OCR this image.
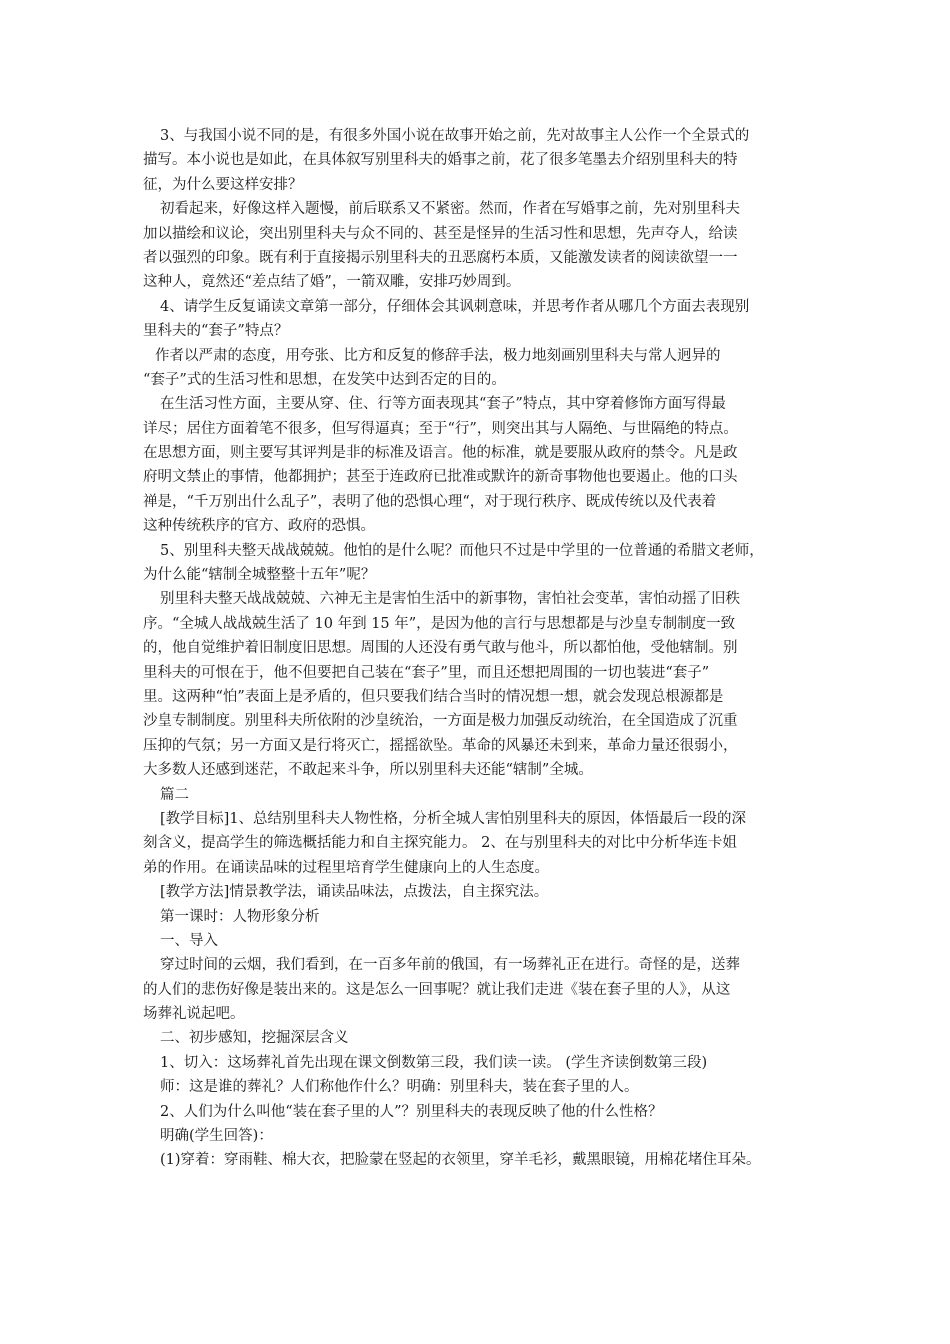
3、与我国小说不同的是，有很多外国小说在故事开始之前，先对故事主人公作一个全景式的
描写。本小说也是如此，在具体叙写别里科夫的婚事之前，花了很多笔墨去介绍别里科夫的特
征，为什么要这样安排？
初看起来，好像这样入题慢，前后联系又不紧密。然而，作者在写婚事之前，先对别里科夫
加以描绘和议论，突出别里科夫与众不同的、甚至是怪异的生活习性和思想，先声夺人，给读
者以强烈的印象。既有利于直接揭示别里科夫的丑恶腐朽本质，又能激发读者的阅读欲望一一
这种人，竟然还“差点结了婚”，一箭双雕，安排巧妙周到。
4、请学生反复诵读文章第一部分，仔细体会其讽刺意味，并思考作者从哪几个方面去表现别
里科夫的“套子”特点？
作者以严肃的态度，用夸张、比方和反复的修辞手法，极力地刻画别里科夫与常人迥异的
“套子”式的生活习性和思想，在发笑中达到否定的目的。
在生活习性方面，主要从穿、住、行等方面表现其“套子”特点，其中穿着修饰方面写得最
详尽；居住方面着笔不很多，但写得逼真；至于“行”，则突出其与人隔绝、与世隔绝的特点。
在思想方面，则主要写其评判是非的标准及语言。他的标准，就是要服从政府的禁令。凡是政
府明文禁止的事情，他都拥护；甚至于连政府已批准或默许的新奇事物他也要遏止。他的口头
禅是，“千万别出什么乱子”，表明了他的恐惧心理“，对于现行秩序、既成传统以及代表着
这种传统秩序的官方、政府的恐惧。
5、别里科夫整天战战兢兢。他怕的是什么呢？而他只不过是中学里的一位普通的希腊文老师，
为什么能“辖制全城整整十五年”呢？
别里科夫整天战战兢兢、六神无主是害怕生活中的新事物，害怕社会变革，害怕动摇了旧秩
序。“全城人战战兢生活了 10 年到 15 年”，是因为他的言行与思想都是与沙皇专制制度一致
的，他自觉维护着旧制度旧思想。周围的人还没有勇气敢与他斗，所以都怕他，受他辖制。别
里科夫的可恨在于，他不但要把自己装在“套子”里，而且还想把周围的一切也装进“套子”
里。这两种“怕”表面上是矛盾的，但只要我们结合当时的情况想一想，就会发现总根源都是
沙皇专制制度。别里科夫所依附的沙皇统治，一方面是极力加强反动统治，在全国造成了沉重
压抑的气氛；另一方面又是行将灭亡，摇摇欲坠。革命的风暴还未到来，革命力量还很弱小，
大多数人还感到迷茫，不敢起来斗争，所以别里科夫还能“辖制”全城。
篇二
[教学目标]1、总结别里科夫人物性格，分析全城人害怕别里科夫的原因，体悟最后一段的深
刻含义，提高学生的筛选概括能力和自主探究能力。 2、在与别里科夫的对比中分析华连卡姐
弟的作用。在诵读品味的过程里培育学生健康向上的人生态度。
[教学方法]情景教学法，诵读品味法，点拨法，自主探究法。
第一课时：人物形象分析
一、导入
穿过时间的云烟，我们看到，在一百多年前的俄国，有一场葬礼正在进行。奇怪的是，送葬
的人们的悲伤好像是装出来的。这是怎么一回事呢？就让我们走进《装在套子里的人》，从这
场葬礼说起吧。
二、初步感知，挖掘深层含义
1、切入：这场葬礼首先出现在课文倒数第三段，我们读一读。 (学生齐读倒数第三段)
师：这是谁的葬礼？人们称他作什么？明确：别里科夫，装在套子里的人。
2、人们为什么叫他“装在套子里的人”？别里科夫的表现反映了他的什么性格？
明确(学生回答)：
(1)穿着：穿雨鞋、棉大衣，把脸蒙在竖起的衣领里，穿羊毛衫，戴黑眼镜，用棉花堵住耳朵。
